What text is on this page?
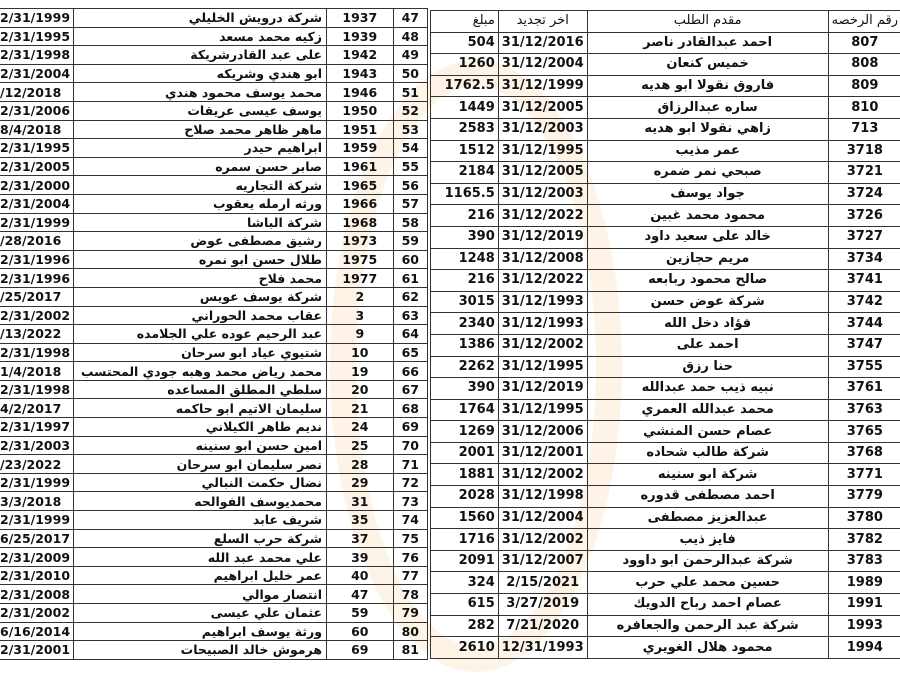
2/31/1999	شركة درويش الخليلي	1937	47
2/31/1995	زكيه محمد مسعد	1939	48
2/31/1998	على عبد القادرشريكة	1942	49
2/31/2004	ابو هندي وشريكه	1943	50
/12/2018	محمد يوسف محمود هندي	1946	51
2/31/2006	يوسف عيسى عريقات	1950	52
8/4/2018	ماهر ظاهر محمد صلاح	1951	53
2/31/1995	ابراهيم حيدر	1959	54
2/31/2005	صابر حسن سمره	1961	55
2/31/2000	شركة التجاريه	1965	56
2/31/2004	ورثه ارمله يعقوب	1966	57
2/31/1999	شركة الباشا	1968	58
/28/2016	رشيق مصطفى عوض	1973	59
2/31/1996	طلال حسن ابو نمره	1975	60
2/31/1996	محمد فلاح	1977	61
/25/2017	شركة يوسف عويس	2	62
2/31/2002	عقاب محمد الحوراني	3	63
/13/2022	عبد الرحيم عوده علي الجلامده	9	64
2/31/1998	شتيوي عياد ابو سرحان	10	65
1/4/2018	محمد رياض محمد وهبه جودي المحتسب	19	66
2/31/1998	سلطي المطلق المساعده	20	67
4/2/2017	سليمان الاتيم ابو حاكمه	21	68
2/31/1997	نديم طاهر الكيلاني	24	69
2/31/2003	امين حسن ابو سنينه	25	70
/23/2022	نصر سليمان ابو سرحان	28	71
2/31/1999	نضال حكمت النبالي	29	72
3/3/2018	محمديوسف الفوالحه	31	73
2/31/1999	شريف عابد	35	74
6/25/2017	شركة حرب السلع	37	75
2/31/2009	علي محمد عبد الله	39	76
2/31/2010	عمر خليل ابراهيم	40	77
2/31/2008	انتصار موالي	47	78
2/31/2002	عثمان علي عيسى	59	79
6/16/2014	ورثة يوسف ابراهيم	60	80
2/31/2001	هرموش خالد الصبيحات	69	81
مبلغ	اخر تجديد	مقدم الطلب	رقم الرخصه
504	31/12/2016	احمد عبدالقادر ناصر	807
1260	31/12/2004	خميس كنعان	808
1762.5	31/12/1999	فاروق نقولا ابو هديه	809
1449	31/12/2005	ساره عبدالرزاق	810
2583	31/12/2003	زاهي نقولا ابو هديه	713
1512	31/12/1995	عمر مذيب	3718
2184	31/12/2005	صبحي نمر ضمره	3721
1165.5	31/12/2003	جواد يوسف	3724
216	31/12/2022	محمود محمد غبين	3726
390	31/12/2019	خالد على سعيد داود	3727
1248	31/12/2008	مريم حجازين	3734
216	31/12/2022	صالح محمود ربابعه	3741
3015	31/12/1993	شركة عوض حسن	3742
2340	31/12/1993	فؤاد دخل الله	3744
1386	31/12/2002	احمد على	3747
2262	31/12/1995	حنا رزق	3755
390	31/12/2019	نبيه ذيب حمد عبدالله	3761
1764	31/12/1995	محمد عبدالله العمري	3763
1269	31/12/2006	عصام حسن المنشي	3765
2001	31/12/2001	شركة طالب شحاده	3768
1881	31/12/2002	شركة ابو سنينه	3771
2028	31/12/1998	احمد مصطفى قدوره	3779
1560	31/12/2004	عبدالعزيز مصطفى	3780
1716	31/12/2002	فايز ذيب	3782
2091	31/12/2007	شركة عبدالرحمن ابو داوود	3783
324	2/15/2021	حسين محمد علي حرب	1989
615	3/27/2019	عصام احمد رباح الدويك	1991
282	7/21/2020	شركة عبد الرحمن والجعافره	1993
2610	12/31/1993	محمود هلال الغويري	1994
